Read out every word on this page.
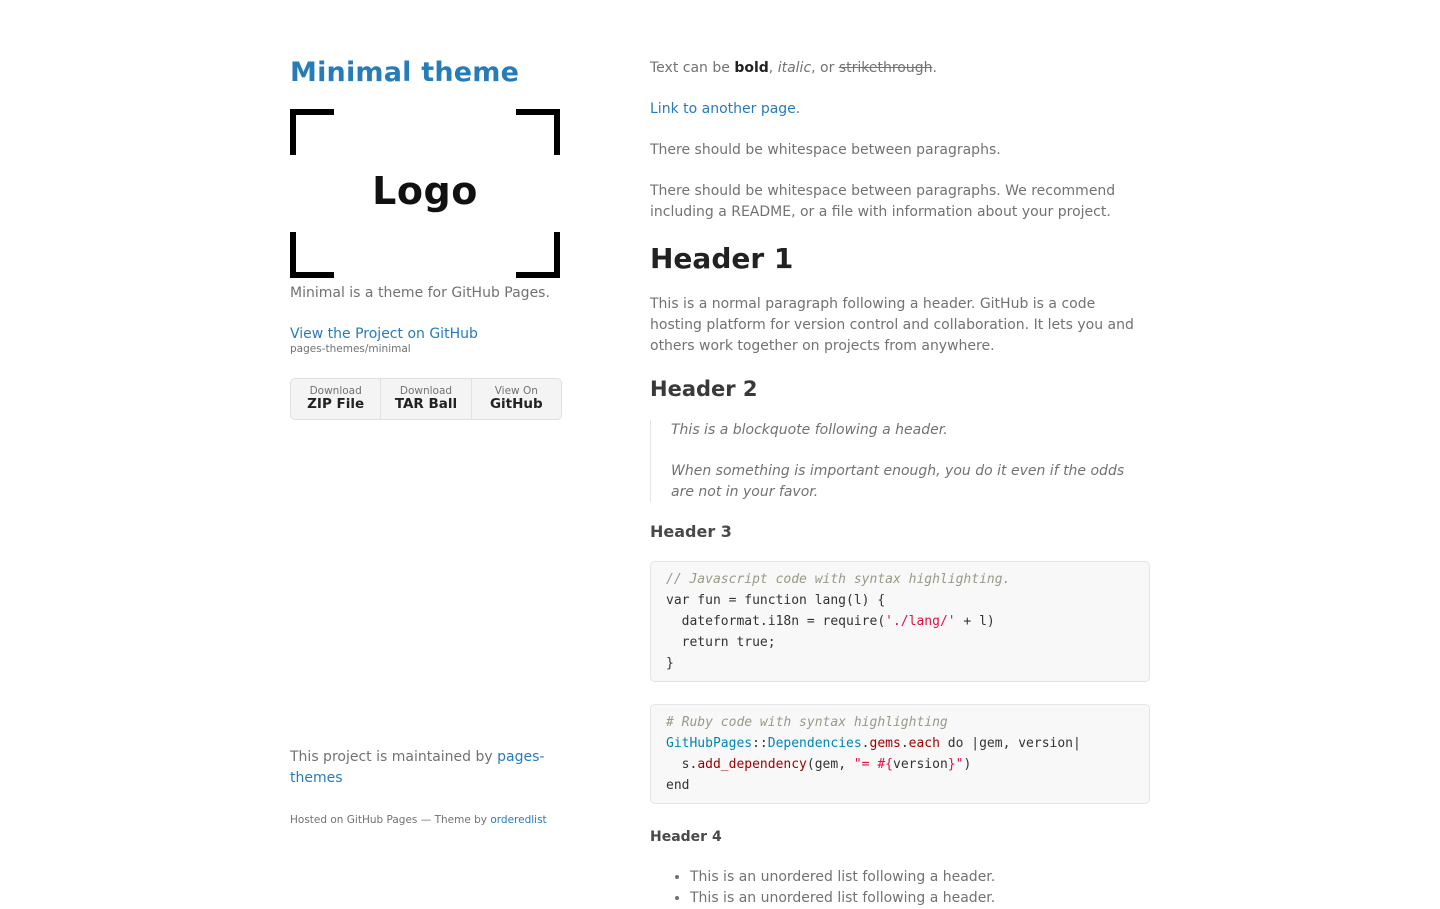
Minimal theme
Logo

Minimal is a theme for GitHub Pages.

View the Project on GitHub
pages-themes/minimal
Download
ZIP File
Download
TAR Ball
View On
GitHub

This project is maintained by pages-themes

Hosted on GitHub Pages — Theme by orderedlist

Text can be bold, italic, or strikethrough.

Link to another page.

There should be whitespace between paragraphs.

There should be whitespace between paragraphs. We recommend including a README, or a file with information about your project.

Header 1

This is a normal paragraph following a header. GitHub is a code hosting platform for version control and collaboration. It lets you and others work together on projects from anywhere.

Header 2

This is a blockquote following a header.

When something is important enough, you do it even if the odds are not in your favor.

Header 3
// Javascript code with syntax highlighting.
var fun = function lang(l) {
dateformat.i18n = require('./lang/' + l)
return true;
}
# Ruby code with syntax highlighting
GitHubPages::Dependencies.gems.each do |gem, version|
s.add_dependency(gem, "= #{version}")
end
Header 4
• This is an unordered list following a header.
• This is an unordered list following a header.
